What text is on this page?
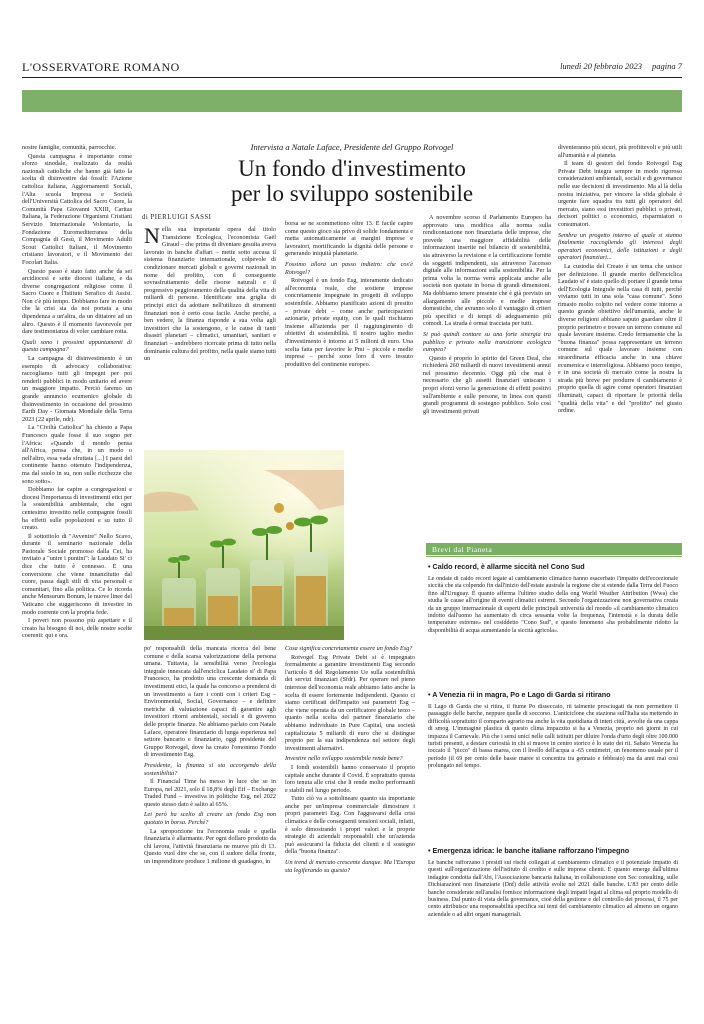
L'OSSERVATORE ROMANO	lunedì 20 febbraio 2023 pagina 7

nostre famiglie, comunità, parrocchie.

Questa campagna è importante come sforzo sinodale, realizzato da realtà nazionali cattoliche che hanno già fatto la scelta di disinvestire dai fossili: l'Azione cattolica italiana, Aggiornamenti Sociali, l'Alta scuola Impresa e Società dell'Università Cattolica del Sacro Cuore, la Comunità Papa Giovanni XXIII, Caritas Italiana, la Federazione Organismi Cristiani Servizio Internazionale Volontario, la Fondazione Euromediterranea della Compagnia di Gesù, il Movimento Adulti Scout Cattolici Italiani, il Movimento cristiano lavoratori, e il Movimento dei Focolari Italia.

Questo passo è stato fatto anche da sei arcidiocesi e sette diocesi italiane, e da diverse congregazioni religiose come il Sacro Cuore e l'Istituto Serafico di Assisi. Non c'è più tempo. Dobbiamo fare in modo che la crisi sia da noi portata a una dipendenza a un'altra, da un dittatore ad un altro. Questo è il momento favorevole per dare testimonianza di voler cambiare rotta.

Quali sono i prossimi appuntamenti di questa campagna?

La campagna di disinvestimento è un esempio di advocacy collaborativa: raccogliamo tutti gli impegni per poi renderli pubblici in modo unitario ed avere un maggiore impatto. Perciò faremo un grande annuncio ecumenico globale di disinvestimento in occasione del prossimo Earth Day - Giornata Mondiale della Terra 2023 (22 aprile, ndr).

La "Civiltà Cattolica" ha chiesto a Papa Francesco quale fosse il suo sogno per l'Africa: «Quando il mondo pensa all'Africa, pensa che, in un modo o nell'altro, essa vada sfruttata [...] I paesi del continente hanno ottenuto l'indipendenza, ma dal suolo in su, non sulle ricchezze che sono sotto».

Dobbiamo far capire a congregazioni e diocesi l'importanza di investimenti etici per la sostenibilità ambientale, che ogni centesimo investito nelle compagnie fossili ha effetti sulle popolazioni e su tutto il creato.

Il sottotitolo di "Avvenire" Nello Scavo, durante il seminario nazionale della Pastorale Sociale promosso dalla Cei, ha invitato a "unire i puntini": la Laudato Si' ci dice che tutto è connesso. E una conversione che viene innanzitutto dal cuore, passa dagli stili di vita personali e comunitari, fino alla politica. Ce lo ricorda anche Mensurum Bonum, le nuove linee del Vaticano che suggeriscono di investire in modo coerente con la propria fede.

I poveri non possono più aspettare e il creato ha bisogno di noi, delle nostre scelte coerenti: qui e ora.

Intervista a Natale Laface, Presidente del Gruppo Rotvogel
Un fondo d'investimento
per lo sviluppo sostenibile
di PIERLUIGI SASSI

Nella sua importante opera dal titolo Transizione Ecologica, l'economista Gaël Giraud – che prima di diventare gesuita aveva lavorato in banche d'affari – mette sotto accusa il sistema finanziario internazionale, colpevole di condizionare mercati globali e governi nazionali in nome del profitto, con il conseguente sovrasfruttamento delle risorse naturali e il progressivo peggioramento della qualità della vita di miliardi di persone. Identificate una griglia di principi etici da adottare nell'utilizzo di strumenti finanziari non è certo cosa facile. Anche perché, a ben vedere, la finanza risponde a sua volta agli investitori che la sostengono, e le cause di tanti disastri planetari – climatici, umanitari, sanitari e finanziari – andrebbero ricercate prima di tutto nella dominante cultura del profitto, nella quale siamo tutti un

borsa se ne scommettono oltre 13. È facile capire come questo gioco sia privo di solide fondamenta e metta automaticamente ai margini imprese e lavoratori, mortificando la dignità delle persone e generando iniquità planetarie.

Fossimo allora un passo indietro: che cos'è Rotvogel?

Rotvogel è un fondo Esg, interamente dedicato all'economia reale, che sostiene imprese concretamente impegnate in progetti di sviluppo sostenibile. Abbiamo pianificato azioni di prestito – private debt – come anche partecipazioni azionarie, private equity, con le quali rischiamo insieme all'azienda per il raggiungimento di obiettivi di sostenibilità. Il nostro taglio medio d'investimento è intorno ai 5 milioni di euro. Una scelta fatta per favorire le Pmi – piccole e medie imprese – perché sono loro il vero tessuto produttivo del continente europeo.

po' responsabili della mancata ricerca del bene comune e della scarsa valorizzazione della persona umana. Tuttavia, la sensibilità verso l'ecologia integrale innescata dall'enciclica Laudato si' di Papa Francesco, ha prodotto una crescente domanda di investimenti etici, la quale ha concorso a prendersi di un investimento a fare i conti con i criteri Esg – Environmental, Social, Governance – e definire metriche di valutazione capaci di garantire agli investitori ritorni ambientali, sociali e di governo delle proprie finanze. Ne abbiamo parlato con Natale Laface, operatore finanziario di lunga esperienza nel settore bancario e finanziario, oggi presidente del Gruppo Rotvogel, dove ha creato l'omonimo Fondo di investimento Esg.

Presidente, la finanza si sta accorgendo della sostenibilità?

Il Financial Time ha messo in luce che se in Europa, nel 2021, solo il 18,8% degli Etf – Exchange Traded Fund – investiva in politiche Esg, nel 2022 questo stesso dato è salito al 65%.

Lei però ha scelto di creare un fondo Esg non quotato in borsa. Perché?

La sproporzione tra l'economia reale e quella finanziaria è allarmante. Per ogni dollaro prodotto da chi lavora, l'attività finanziaria ne muove più di 13. Questo vuol dire che se, con il sudore della fronte, un imprenditore produce 1 milione di guadagno, in

Cosa significa concretamente essere un fondo Esg?

Rotvogel Esg Private Debt si è impegnato formalmente a garantire investimenti Esg secondo l'articolo 8 del Regolamento Ue sulla sostenibilità dei servizi finanziari (Sfdr). Per operare nel pieno interesse dell'economia reale abbiamo fatto anche la scelta di essere fortemente indipendenti. Questo ci siamo certificati dell'impatto sui parametri Esg – che viene operata da un certificatore globale terzo – quanto nella scelta del partner finanziario che abbiamo individuato in Pure Capital, una società capitalizzata 5 miliardi di euro che si distingue proprio per la sua indipendenza nel settore degli investimenti alternativi.

Investire nello sviluppo sostenibile rende bene?

I fondi sostenibili hanno conservato il proprio capitale anche durante il Covid. È soprattutto questa loro tenuta alle crisi che li rende molto performanti e stabili nel lungo periodo.

Tutto ciò va a sottolineare quanto sia importante anche per un'impresa commerciale dimostrare i propri parametri Esg. Con l'aggravarsi della crisi climatica e delle conseguenti tensioni sociali, infatti, è solo dimostrando i propri valori e le proprie strategie di aziendali responsabili che un'azienda può assicurarsi la fiducia dei clienti e il sostegno della "buona finanza".

Un trend di mercato crescente dunque. Ma l'Europa sta legiferando su questo?

A novembre scorso il Parlamento Europeo ha approvato una modifica alla norma sulla rendicontazione non finanziaria delle imprese, che prevede una maggiore affidabilità delle informazioni inserite nel bilancio di sostenibilità, sia attraverso la revisione e la certificazione fornite da soggetti indipendenti, sia attraverso l'accesso digitale alle informazioni sulla sostenibilità. Per la prima volta la norma verrà applicata anche alle società non quotate in borsa di grandi dimensioni. Ma dobbiamo tenere presente che è già previsto un allargamento alle piccole e medie imprese domestiche, che avranno solo il vantaggio di criteri più specifici e di tempi di adeguamento più comodi. La strada è ormai tracciata per tutti.

Si può quindi contare su una forte sinergia tra pubblico e privato nella transizione ecologica europea?

Questo è proprio lo spirito del Green Deal, che richiederà 260 miliardi di nuovi investimenti annui nel prossimo decennio. Oggi più che mai è necessario che gli assetti finanziari uniscano i propri sforzi verso la generazione di effetti positivi sull'ambiente e sulle persone, in linea con questi grandi programmi di sostegno pubblico. Solo così gli investimenti privati

diventeranno più sicuri, più profittevoli e più utili all'umanità e al pianeta.

Il team di gestori del fondo Rotvogel Esg Private Debt integra sempre in modo rigoroso considerazioni ambientali, sociali e di governance nelle sue decisioni di investimento. Ma al là della nostra iniziativa, per vincere la sfida globale è urgente fare squadra tra tutti gli operatori del mercato, siano essi investitori pubblici o privati, decisori politici o economici, risparmiatori o consumatori.

Sembra un progetto interno al quale si stanno finalmente raccogliendo gli interessi degli operatori economici, delle istituzioni e degli operatori finanziari...

La custodia del Creato è un tema che unisce per definizione. Il grande merito dell'enciclica Laudato si' è stato quello di portare il grande tema dell'Ecologia Integrale nella casa di tutti, perché viviamo tutti in una sola "casa comune". Sono rimasto molto colpito nel vedere come intorno a questo grande obiettivo dell'umanità, anche le diverse religioni abbiano saputo guardare oltre il proprio perimetro e trovare un terreno comune sul quale lavorare insieme. Credo fermamente che la "buona finanza" possa rappresentare un terreno comune sul quale lavorare insieme con straordinaria efficacia anche in una chiave ecumenica e interreligiosa. Abbiamo poco tempo, e in una società di mercato come la nostra la strada più breve per produrre il cambiamento è proprio quella di agire come operatori finanziari illuminati, capaci di riportare le priorità della "qualità della vita" e del "profitto" nel giusto ordine.

Brevi dal Pianeta
• Caldo record, è allarme siccità nel Cono Sud
Le ondate di caldo record legate al cambiamento climatico hanno esacerbato l'impatto dell'eccezionale siccità che sta colpendo fin dall'inizio dell'estate australe la regione che si estende dalla Terra del Fuoco fino all'Uruguay. È quanto afferma l'ultimo studio della ong World Weather Attribution (Wwa) che studia le cause all'origine di eventi climatici estremi. Secondo l'organizzazione non governativa creata da un gruppo internazionale di esperti delle principali università del mondo «il cambiamento climatico indotto dall'uomo ha aumentato di circa sessanta volte la frequenza, l'intensità e la durata delle temperature estreme» nel cosiddetto "Cono Sud", e questo fenomeno «ha probabilmente ridotto la disponibilità di acqua aumentando la siccità agricola».
• A Venezia rii in magra, Po e Lago di Garda si ritirano
Il Lago di Garda che si ritira, il fiume Po disseccato, rii talmente prosciugati da non permettere il passaggio delle barche, neppure quelle di soccorso. L'anticiclone che staziona sull'Italia sta mettendo in difficoltà soprattutto il comparto agrario ma anche la vita quotidiana di interi città, avvolte da una cappa di smog. L'immagine plastica di questo clima impazzito si ha a Venezia, proprio nei giorni in cui impazza il Carnevale. Più che i sensi unici nelle calli istituiti per diluire l'onda d'urto degli oltre 100.000 turisti presenti, a destare curiosità in chi si muove in centro storico è lo stato dei rii. Sabato Venezia ha toccato il "picco" di bassa marea, con il livello dell'acqua a -65 centimetri, un fenomeno usuale per il periodo (il 69 per cento delle basse maree si concentra tra gennaio e febbraio) ma da anni mai così prolungato nel tempo.
• Emergenza idrica: le banche italiane rafforzano l'impegno
Le banche rafforzano i presidi sui rischi collegati al cambiamento climatico e il potenziale impatto di questi sull'organizzazione dell'istituto di credito e sulle imprese clienti. È quanto emerge dall'ultima indagine condotta dall'Abi, l'Associazione bancaria italiana, in collaborazione con Sec consulting, sulle Dichiarazioni non finanziarie (Dnf) delle attività svolte nel 2021 dalle banche. L'83 per cento delle banche considerate nell'analisi fornisce informazione degli impatti legati al clima sul proprio modello di business. Dal punto di vista della governance, cioè della gestione e del controllo dei processi, il 75 per cento attribuisce una responsabilità specifica sui temi del cambiamento climatico ad almeno un organo aziendale o ad altri organi manageriali.
